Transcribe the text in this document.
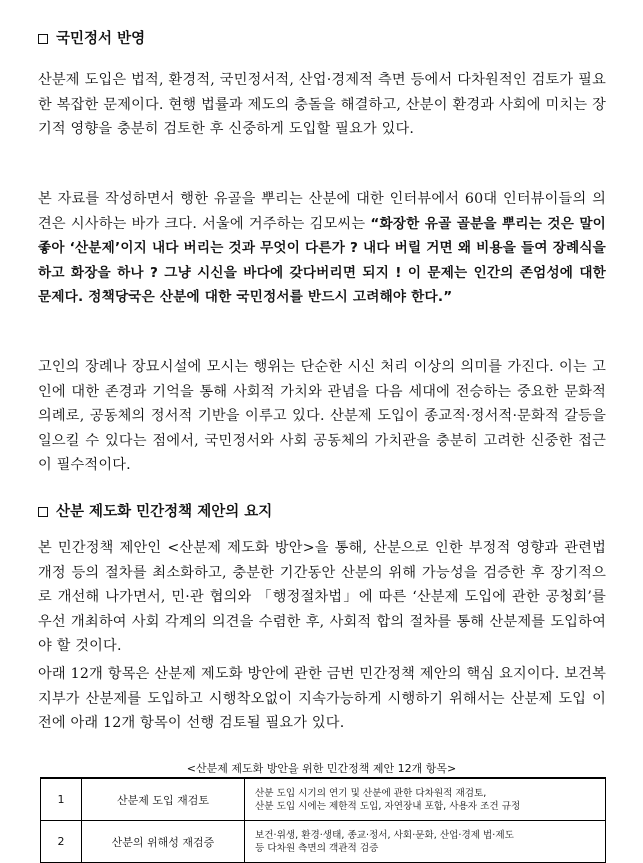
국민정서 반영

산분제 도입은 법적, 환경적, 국민정서적, 산업·경제적 측면 등에서 다차원적인 검토가 필요한 복잡한 문제이다. 현행 법률과 제도의 충돌을 해결하고, 산분이 환경과 사회에 미치는 장기적 영향을 충분히 검토한 후 신중하게 도입할 필요가 있다.

본 자료를 작성하면서 행한 유골을 뿌리는 산분에 대한 인터뷰에서 60대 인터뷰이들의 의견은 시사하는 바가 크다. 서울에 거주하는 김모씨는 “화장한 유골 골분을 뿌리는 것은 말이 좋아 ‘산분제’이지 내다 버리는 것과 무엇이 다른가 ? 내다 버릴 거면 왜 비용을 들여 장례식을 하고 화장을 하나 ? 그냥 시신을 바다에 갖다버리면 되지 ! 이 문제는 인간의 존엄성에 대한 문제다. 정책당국은 산분에 대한 국민정서를 반드시 고려해야 한다.”

고인의 장례나 장묘시설에 모시는 행위는 단순한 시신 처리 이상의 의미를 가진다. 이는 고인에 대한 존경과 기억을 통해 사회적 가치와 관념을 다음 세대에 전승하는 중요한 문화적 의례로, 공동체의 정서적 기반을 이루고 있다. 산분제 도입이 종교적·정서적·문화적 갈등을 일으킬 수 있다는 점에서, 국민정서와 사회 공동체의 가치관을 충분히 고려한 신중한 접근이 필수적이다.

산분 제도화 민간정책 제안의 요지

본 민간정책 제안인 <산분제 제도화 방안>을 통해, 산분으로 인한 부정적 영향과 관련법 개정 등의 절차를 최소화하고, 충분한 기간동안 산분의 위해 가능성을 검증한 후 장기적으로 개선해 나가면서, 민·관 협의와 「행정절차법」에 따른 ‘산분제 도입에 관한 공청회’를 우선 개최하여 사회 각계의 의견을 수렴한 후, 사회적 합의 절차를 통해 산분제를 도입하여야 할 것이다.

아래 12개 항목은 산분제 제도화 방안에 관한 금번 민간정책 제안의 핵심 요지이다. 보건복지부가 산분제를 도입하고 시행착오없이 지속가능하게 시행하기 위해서는 산분제 도입 이전에 아래 12개 항목이 선행 검토될 필요가 있다.

<산분제 제도화 방안을 위한 민간정책 제안 12개 항목>
1	산분제 도입 재검토	산분 도입 시기의 연기 및 산분에 관한 다차원적 재검토,
산분 도입 시에는 제한적 도입, 자연장내 포함, 사용자 조건 규정

2	산분의 위해성 재검증	보건·위생, 환경·생태, 종교·정서, 사회·문화, 산업·경제 법·제도
등 다차원 측면의 객관적 검증
